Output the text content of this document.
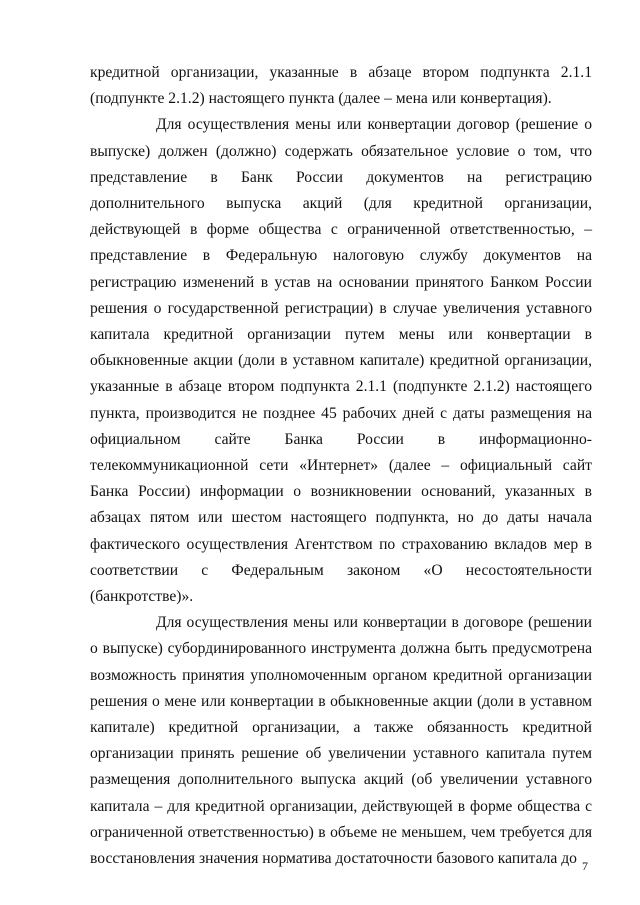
кредитной организации, указанные в абзаце втором подпункта 2.1.1 (подпункте 2.1.2) настоящего пункта (далее – мена или конвертация).

Для осуществления мены или конвертации договор (решение о выпуске) должен (должно) содержать обязательное условие о том, что представление в Банк России документов на регистрацию дополнительного выпуска акций (для кредитной организации, действующей в форме общества с ограниченной ответственностью, – представление в Федеральную налоговую службу документов на регистрацию изменений в устав на основании принятого Банком России решения о государственной регистрации) в случае увеличения уставного капитала кредитной организации путем мены или конвертации в обыкновенные акции (доли в уставном капитале) кредитной организации, указанные в абзаце втором подпункта 2.1.1 (подпункте 2.1.2) настоящего пункта, производится не позднее 45 рабочих дней с даты размещения на официальном сайте Банка России в информационно-телекоммуникационной сети «Интернет» (далее – официальный сайт Банка России) информации о возникновении оснований, указанных в абзацах пятом или шестом настоящего подпункта, но до даты начала фактического осуществления Агентством по страхованию вкладов мер в соответствии с Федеральным законом «О несостоятельности (банкротстве)».

Для осуществления мены или конвертации в договоре (решении о выпуске) субординированного инструмента должна быть предусмотрена возможность принятия уполномоченным органом кредитной организации решения о мене или конвертации в обыкновенные акции (доли в уставном капитале) кредитной организации, а также обязанность кредитной организации принять решение об увеличении уставного капитала путем размещения дополнительного выпуска акций (об увеличении уставного капитала – для кредитной организации, действующей в форме общества с ограниченной ответственностью) в объеме не меньшем, чем требуется для восстановления значения норматива достаточности базового капитала до 7
